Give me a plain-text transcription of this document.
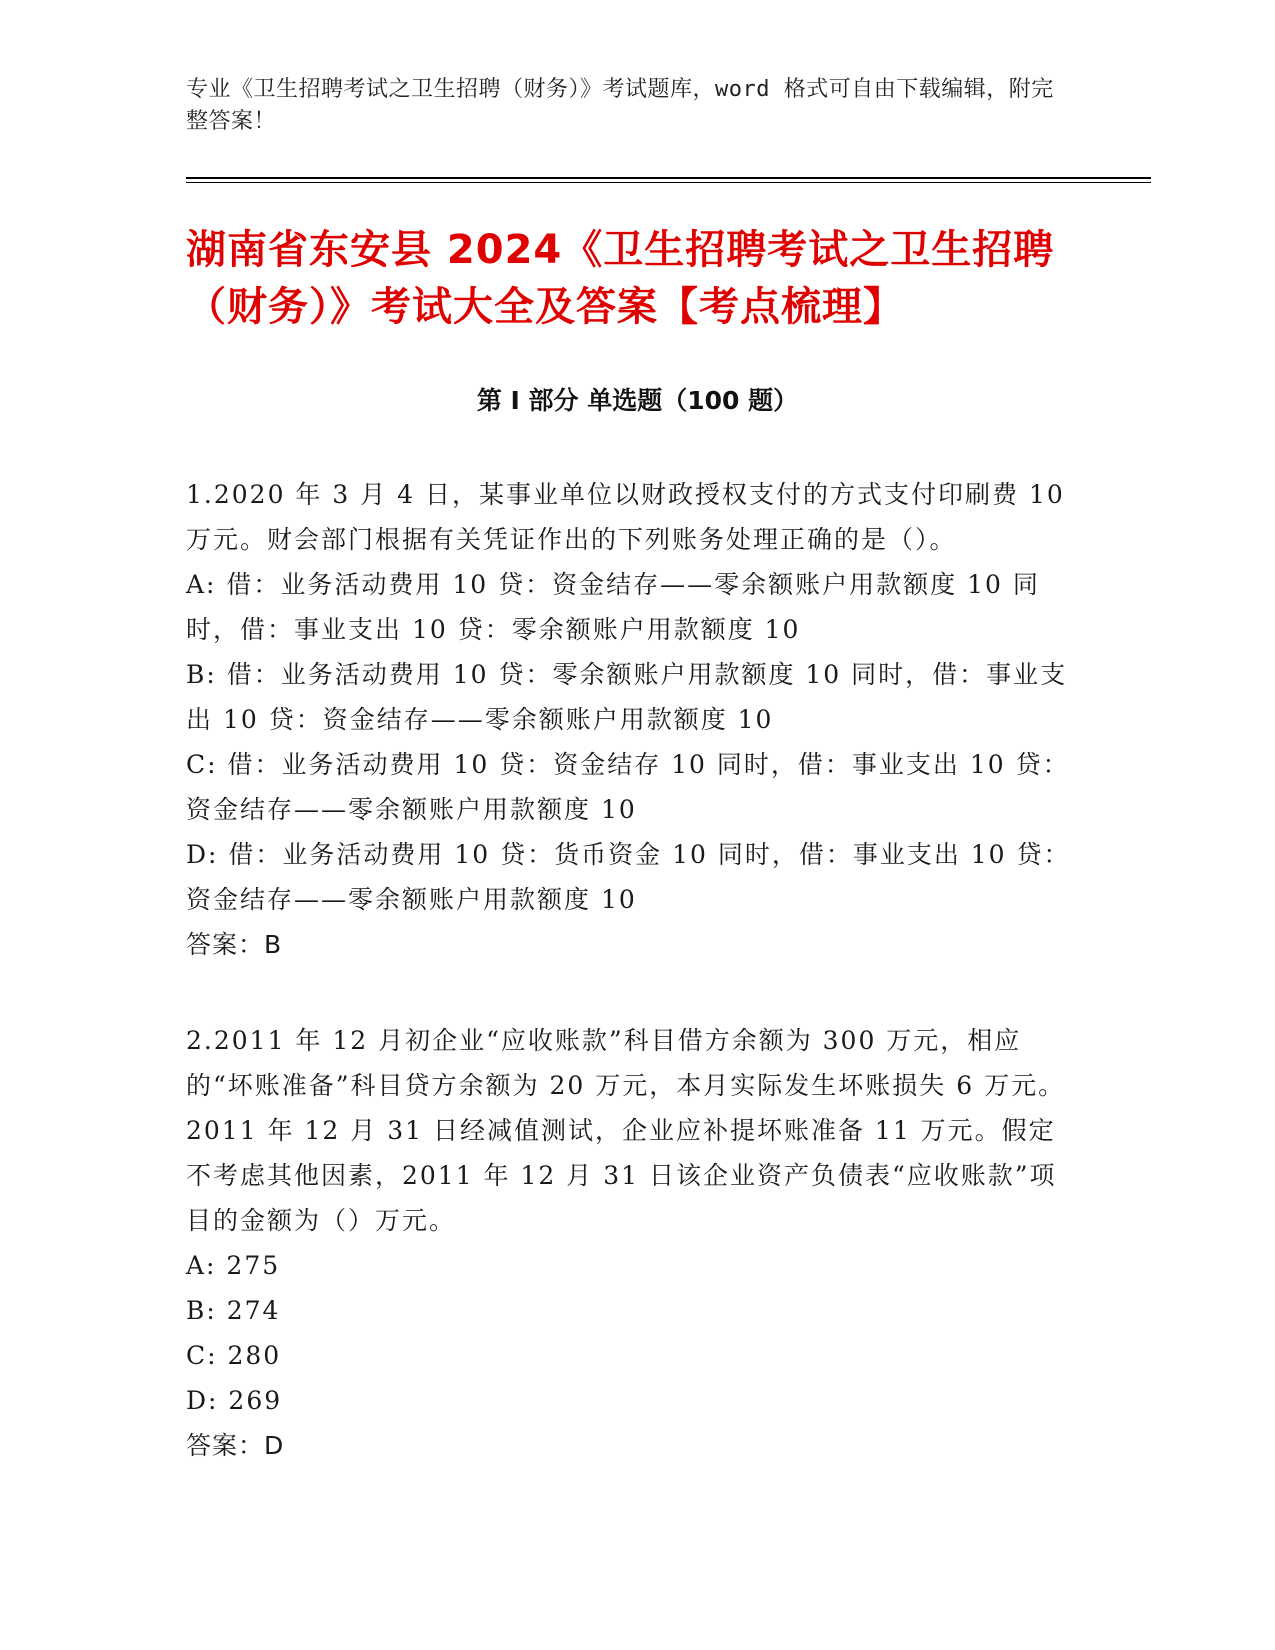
专业《卫生招聘考试之卫生招聘（财务）》考试题库，word 格式可自由下载编辑，附完整答案！
湖南省东安县 2024《卫生招聘考试之卫生招聘（财务）》考试大全及答案【考点梳理】
第 I 部分 单选题（100 题）
1.2020 年 3 月 4 日，某事业单位以财政授权支付的方式支付印刷费 10 万元。财会部门根据有关凭证作出的下列账务处理正确的是（）。
A: 借：业务活动费用 10 贷：资金结存——零余额账户用款额度 10 同时，借：事业支出 10 贷：零余额账户用款额度 10
B: 借：业务活动费用 10 贷：零余额账户用款额度 10 同时，借：事业支出 10 贷：资金结存——零余额账户用款额度 10
C: 借：业务活动费用 10 贷：资金结存 10 同时，借：事业支出 10 贷：资金结存——零余额账户用款额度 10
D: 借：业务活动费用 10 贷：货币资金 10 同时，借：事业支出 10 贷：资金结存——零余额账户用款额度 10
答案：B
2.2011 年 12 月初企业“应收账款”科目借方余额为 300 万元，相应的“坏账准备”科目贷方余额为 20 万元，本月实际发生坏账损失 6 万元。2011 年 12 月 31 日经减值测试，企业应补提坏账准备 11 万元。假定不考虑其他因素，2011 年 12 月 31 日该企业资产负债表“应收账款”项目的金额为（）万元。
A: 275
B: 274
C: 280
D: 269
答案：D
